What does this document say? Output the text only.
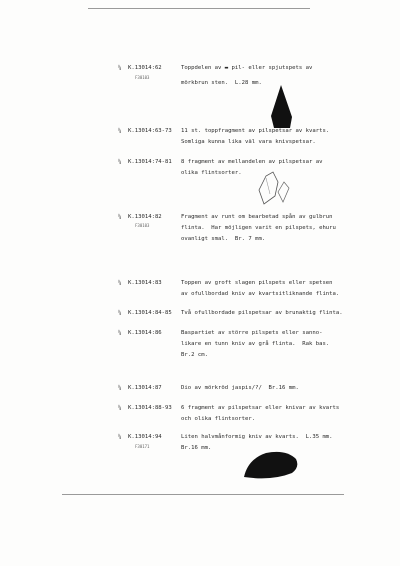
¼ K.13014:62
F30103
Toppdelen av ▬ pil- eller spjutspets av
mörkbrun sten.  L.28 mm.
¼ K.13014:63-73 11 st. toppfragment av pilspetsar av kvarts.
Somliga kunna lika väl vara knivspetsar.
¼ K.13014:74-81 8 fragment av mellandelen av pilspetsar av
olika flintsorter.
¼ K.13014:82
F30103
Fragment av runt om bearbetad spån av gulbrun
flinta.  Har möjligen varit en pilspets, ehuru
ovanligt smal.  Br. 7 mm.
¼ K.13014:83	Toppen av groft slagen pilspets eller spetsen
av ofullbordad kniv av kvartsitliknande flinta.
¼ K.13014:84-85 Två ofullbordade pilspetsar av brunaktig flinta.
¼ K.13014:86	Baspartiet av större pilspets eller sanno-
likare en tunn kniv av grå flinta.  Rak bas.
Br.2 cm.
¼ K.13014:87	Dio av mörkröd jaspis/?/  Br.16 mm.
¼ K.13014:88-93 6 fragment av pilspetsar eller knivar av kvarts
och olika flintsorter.
¼ K.13014:94
F30171
Liten halvmånformig kniv av kvarts.  L.35 mm.
Br.16 mm.
